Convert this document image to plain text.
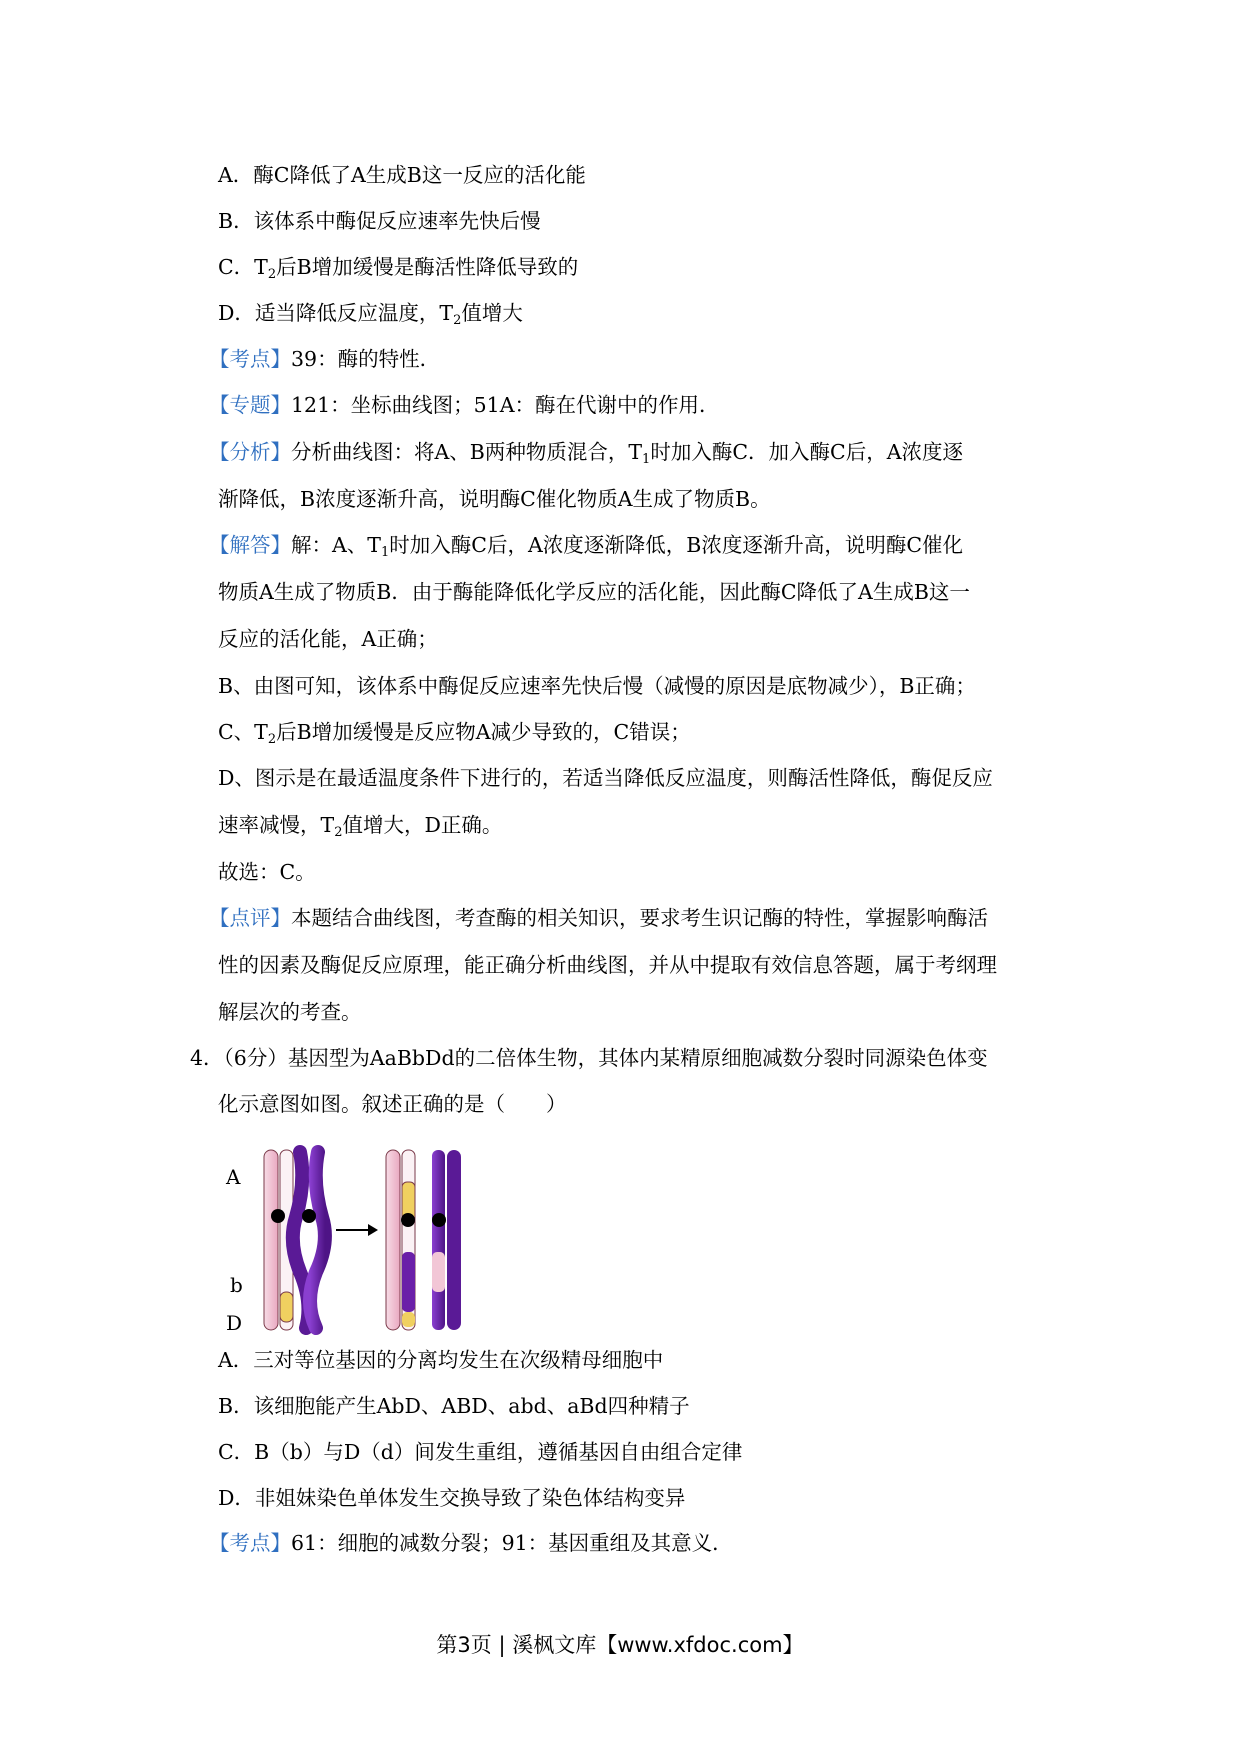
A．酶C降低了A生成B这一反应的活化能
B．该体系中酶促反应速率先快后慢
C．$T_2$后B增加缓慢是酶活性降低导致的
D．适当降低反应温度，$T_2$值增大
【考点】39：酶的特性．
【专题】121：坐标曲线图；51A：酶在代谢中的作用．
【分析】分析曲线图：将A、B两种物质混合，$T_1$时加入酶C．加入酶C后，A浓度逐
渐降低，B浓度逐渐升高，说明酶C催化物质A生成了物质B。
【解答】解：A、$T_1$时加入酶C后，A浓度逐渐降低，B浓度逐渐升高，说明酶C催化
物质A生成了物质B．由于酶能降低化学反应的活化能，因此酶C降低了A生成B这一
反应的活化能，A正确；
B、由图可知，该体系中酶促反应速率先快后慢（减慢的原因是底物减少），B正确；
C、$T_2$后B增加缓慢是反应物A减少导致的，C错误；
D、图示是在最适温度条件下进行的，若适当降低反应温度，则酶活性降低，酶促反应
速率减慢，$T_2$值增大，D正确。
故选：C。
【点评】本题结合曲线图，考查酶的相关知识，要求考生识记酶的特性，掌握影响酶活
性的因素及酶促反应原理，能正确分析曲线图，并从中提取有效信息答题，属于考纲理
解层次的考查。
4．（6分）基因型为AaBbDd的二倍体生物，其体内某精原细胞减数分裂时同源染色体变
化示意图如图。叙述正确的是（　　）
A
b
D
A．三对等位基因的分离均发生在次级精母细胞中
B．该细胞能产生AbD、ABD、abd、aBd四种精子
C．B（b）与D（d）间发生重组，遵循基因自由组合定律
D．非姐妹染色单体发生交换导致了染色体结构变异
【考点】61：细胞的减数分裂；91：基因重组及其意义．
第3页 | 溪枫文库【www.xfdoc.com】
